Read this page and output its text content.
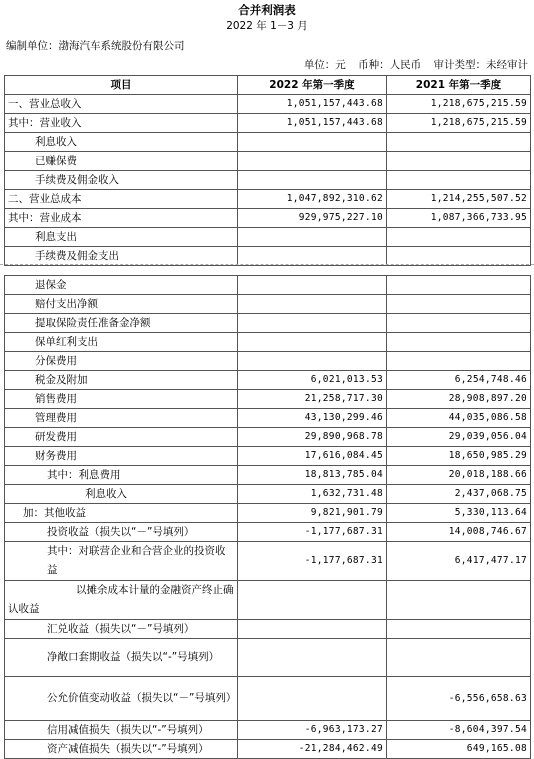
合并利润表
2022 年 1－3 月
编制单位：渤海汽车系统股份有限公司
单位：元 币种：人民币 审计类型：未经审计
项目	2022 年第一季度	2021 年第一季度
一、营业总收入	1,051,157,443.68	1,218,675,215.59
其中：营业收入	1,051,157,443.68	1,218,675,215.59
利息收入		
已赚保费		
手续费及佣金收入		
二、营业总成本	1,047,892,310.62	1,214,255,507.52
其中：营业成本	929,975,227.10	1,087,366,733.95
利息支出		
手续费及佣金支出		
退保金		
赔付支出净额		
提取保险责任准备金净额		
保单红利支出		
分保费用		
税金及附加	6,021,013.53	6,254,748.46
销售费用	21,258,717.30	28,908,897.20
管理费用	43,130,299.46	44,035,086.58
研发费用	29,890,968.78	29,039,056.04
财务费用	17,616,084.45	18,650,985.29
其中：利息费用	18,813,785.04	20,018,188.66
利息收入	1,632,731.48	2,437,068.75
加：其他收益	9,821,901.79	5,330,113.64
投资收益（损失以“－”号填列）	-1,177,687.31	14,008,746.67
其中：对联营企业和合营企业的投资收益	-1,177,687.31	6,417,477.17
以摊余成本计量的金融资产终止确认收益		
汇兑收益（损失以“－”号填列）		
净敞口套期收益（损失以“-”号填列）		
公允价值变动收益（损失以“－”号填列）		-6,556,658.63
信用减值损失（损失以“-”号填列）	-6,963,173.27	-8,604,397.54
资产减值损失（损失以“-”号填列）	-21,284,462.49	649,165.08
